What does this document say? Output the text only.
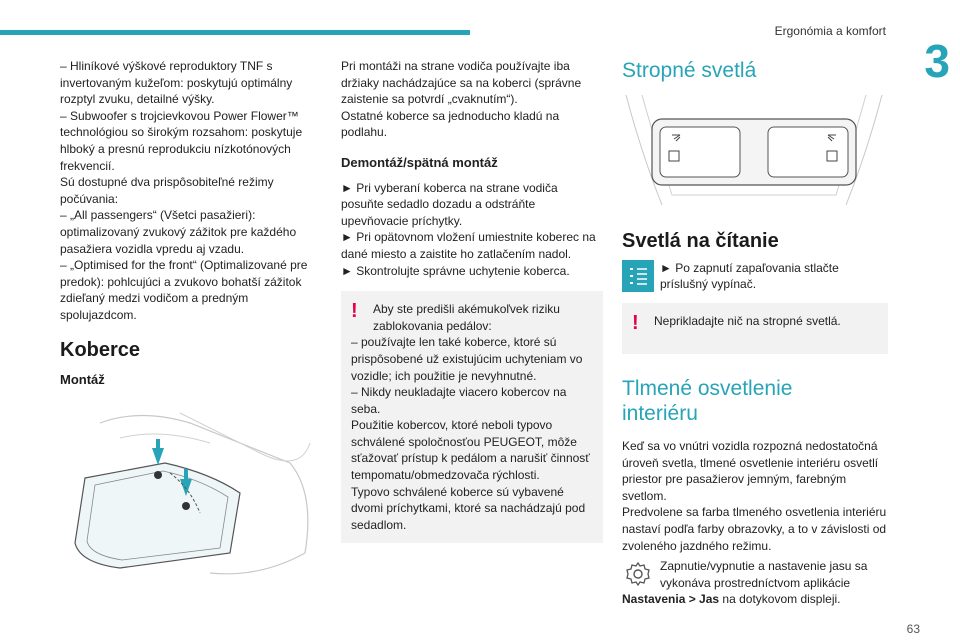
Ergonómia a komfort
3
63

– Hliníkové výškové reproduktory TNF s invertovaným kužeľom: poskytujú optimálny rozptyl zvuku, detailné výšky.

– Subwoofer s trojcievkovou Power Flower™ technológiou so širokým rozsahom: poskytuje hlboký a presnú reprodukciu nízkotónových frekvencií.

Sú dostupné dva prispôsobiteľné režimy počúvania:

– „All passengers“ (Všetci pasažieri): optimalizovaný zvukový zážitok pre každého pasažiera vozidla vpredu aj vzadu.

– „Optimised for the front“ (Optimalizované pre predok): pohlcujúci a zvukovo bohatší zážitok zdieľaný medzi vodičom a predným spolujazdcom.

Koberce
Montáž

Pri montáži na strane vodiča používajte iba držiaky nachádzajúce sa na koberci (správne zaistenie sa potvrdí „cvaknutím“).

Ostatné koberce sa jednoducho kladú na podlahu.

Demontáž/spätná montáž

► Pri vyberaní koberca na strane vodiča posuňte sedadlo dozadu a odstráňte upevňovacie príchytky.

► Pri opätovnom vložení umiestnite koberec na dané miesto a zaistite ho zatlačením nadol.

► Skontrolujte správne uchytenie koberca.

!	Aby ste predišli akémukoľvek riziku zablokovania pedálov:

– používajte len také koberce, ktoré sú prispôsobené už existujúcim uchyteniam vo vozidle; ich použitie je nevyhnutné.

– Nikdy neukladajte viacero kobercov na seba.

Použitie kobercov, ktoré neboli typovo schválené spoločnosťou PEUGEOT, môže sťažovať prístup k pedálom a narušiť činnosť tempomatu/obmedzovača rýchlosti.

Typovo schválené koberce sú vybavené dvomi príchytkami, ktoré sa nachádzajú pod sedadlom.

Stropné svetlá
Svetlá na čítanie

► Po zapnutí zapaľovania stlačte príslušný vypínač.

!	Neprikladajte nič na stropné svetlá.

Tlmené osvetlenie interiéru

Keď sa vo vnútri vozidla rozpozná nedostatočná úroveň svetla, tlmené osvetlenie interiéru osvetlí priestor pre pasažierov jemným, farebným svetlom.

Predvolene sa farba tlmeného osvetlenia interiéru nastaví podľa farby obrazovky, a to v závislosti od zvoleného jazdného režimu.

Zapnutie/vypnutie a nastavenie jasu sa vykonáva prostredníctvom aplikácie

Nastavenia > Jas na dotykovom displeji.
